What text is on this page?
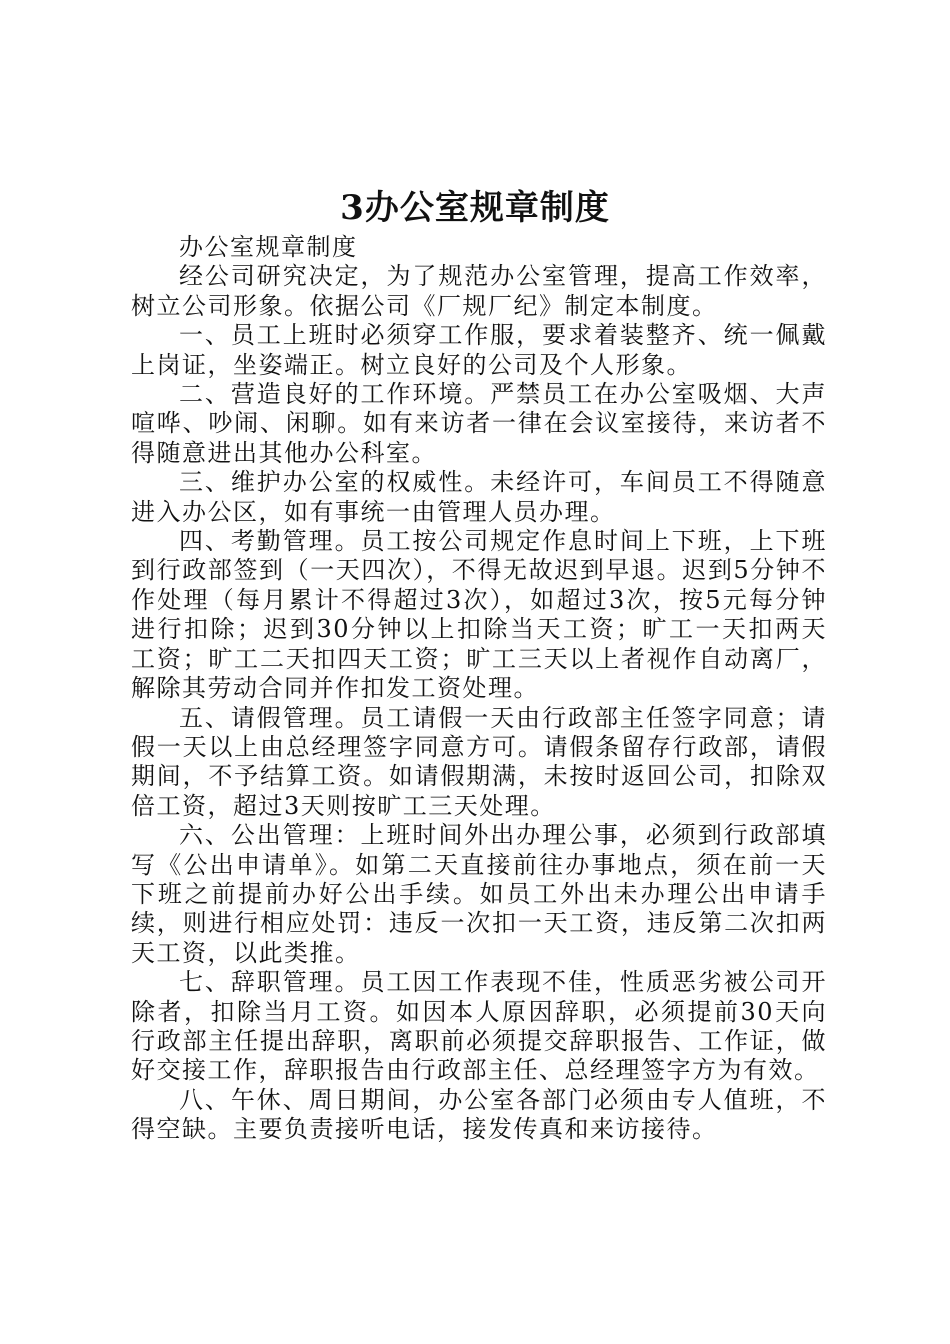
3办公室规章制度

办公室规章制度

经公司研究决定，为了规范办公室管理，提高工作效率，树立公司形象。依据公司《厂规厂纪》制定本制度。

一、员工上班时必须穿工作服，要求着装整齐、统一佩戴上岗证，坐姿端正。树立良好的公司及个人形象。

二、营造良好的工作环境。严禁员工在办公室吸烟、大声喧哗、吵闹、闲聊。如有来访者一律在会议室接待，来访者不得随意进出其他办公科室。

三、维护办公室的权威性。未经许可，车间员工不得随意进入办公区，如有事统一由管理人员办理。

四、考勤管理。员工按公司规定作息时间上下班，上下班到行政部签到（一天四次），不得无故迟到早退。迟到5分钟不作处理（每月累计不得超过3次），如超过3次，按5元每分钟进行扣除；迟到30分钟以上扣除当天工资；旷工一天扣两天工资；旷工二天扣四天工资；旷工三天以上者视作自动离厂，解除其劳动合同并作扣发工资处理。

五、请假管理。员工请假一天由行政部主任签字同意；请假一天以上由总经理签字同意方可。请假条留存行政部，请假期间，不予结算工资。如请假期满，未按时返回公司，扣除双倍工资，超过3天则按旷工三天处理。

六、公出管理：上班时间外出办理公事，必须到行政部填写《公出申请单》。如第二天直接前往办事地点，须在前一天下班之前提前办好公出手续。如员工外出未办理公出申请手续，则进行相应处罚：违反一次扣一天工资，违反第二次扣两天工资，以此类推。

七、辞职管理。员工因工作表现不佳，性质恶劣被公司开除者，扣除当月工资。如因本人原因辞职，必须提前30天向行政部主任提出辞职，离职前必须提交辞职报告、工作证，做好交接工作，辞职报告由行政部主任、总经理签字方为有效。

八、午休、周日期间，办公室各部门必须由专人值班，不得空缺。主要负责接听电话，接发传真和来访接待。
